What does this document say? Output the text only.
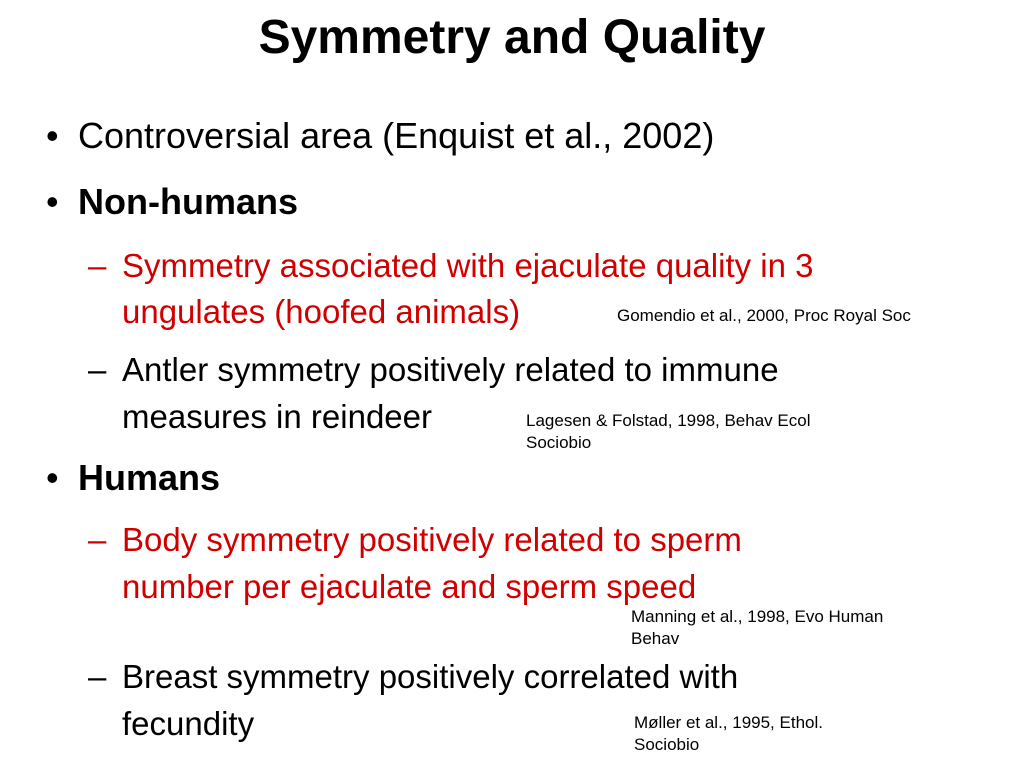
Symmetry and Quality
• Controversial area (Enquist et al., 2002)
• Non-humans
– Symmetry associated with ejaculate quality in 3
ungulates (hoofed animals)	Gomendio et al., 2000, Proc Royal Soc
– Antler symmetry positively related to immune
measures in reindeer	Lagesen & Folstad, 1998, Behav Ecol
Sociobio
• Humans
– Body symmetry positively related to sperm
number per ejaculate and sperm speed
Manning et al., 1998, Evo Human
Behav
– Breast symmetry positively correlated with
fecundity	Møller et al., 1995, Ethol.
Sociobio
